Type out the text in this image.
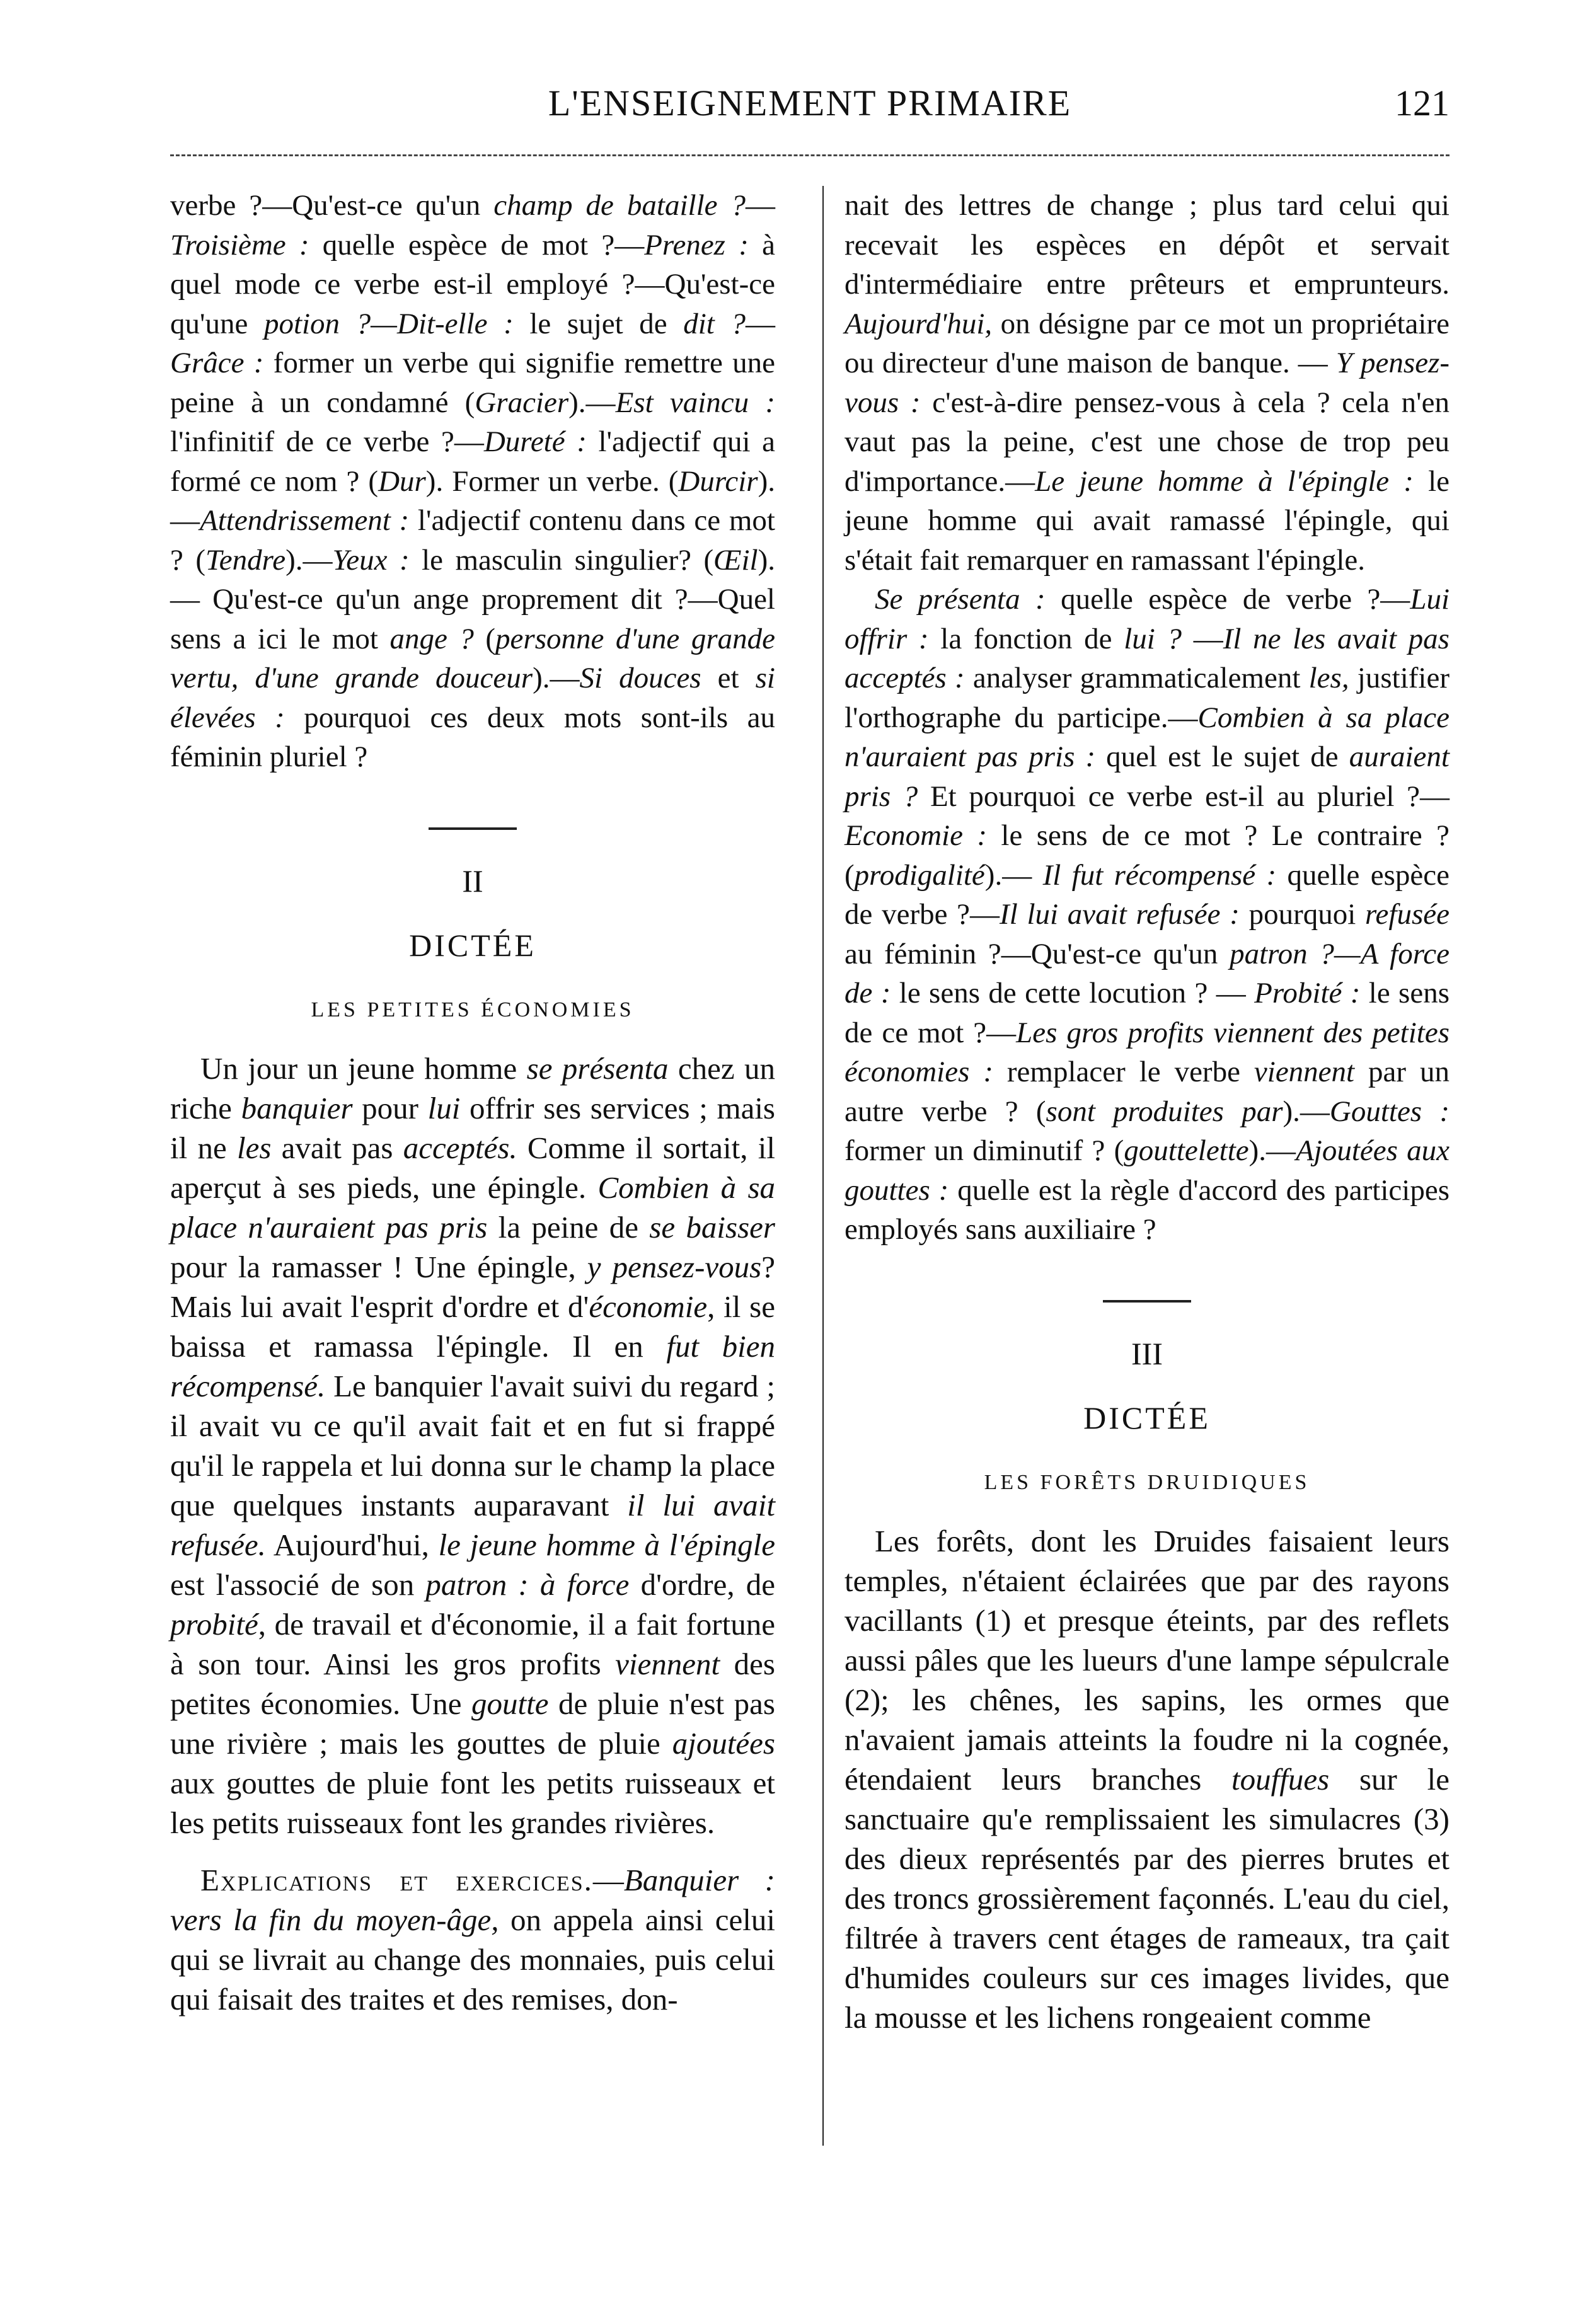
L'ENSEIGNEMENT PRIMAIRE	121

verbe ?—Qu'est-ce qu'un champ de bataille ?— Troisième : quelle espèce de mot ?—Prenez : à quel mode ce verbe est-il employé ?—Qu'est-ce qu'une potion ?—Dit-elle : le sujet de dit ?— Grâce : former un verbe qui signifie remettre une peine à un condamné (Gracier).—Est vaincu : l'infinitif de ce verbe ?—Dureté : l'adjectif qui a formé ce nom ? (Dur). Former un verbe. (Durcir).—Attendrissement : l'adjectif contenu dans ce mot ? (Tendre).—Yeux : le masculin singulier? (Œil). — Qu'est-ce qu'un ange proprement dit ?—Quel sens a ici le mot ange ? (personne d'une grande vertu, d'une grande douceur).—Si douces et si élevées : pourquoi ces deux mots sont-ils au féminin pluriel ?

II
DICTÉE
LES PETITES ÉCONOMIES

Un jour un jeune homme se présenta chez un riche banquier pour lui offrir ses services ; mais il ne les avait pas acceptés. Comme il sortait, il aperçut à ses pieds, une épingle. Combien à sa place n'auraient pas pris la peine de se baisser pour la ramasser ! Une épingle, y pensez-vous? Mais lui avait l'esprit d'ordre et d'économie, il se baissa et ramassa l'épingle. Il en fut bien récompensé. Le banquier l'avait suivi du regard ; il avait vu ce qu'il avait fait et en fut si frappé qu'il le rappela et lui donna sur le champ la place que quelques instants auparavant il lui avait refusée. Aujourd'hui, le jeune homme à l'épingle est l'associé de son patron : à force d'ordre, de probité, de travail et d'économie, il a fait fortune à son tour. Ainsi les gros profits viennent des petites économies. Une goutte de pluie n'est pas une rivière ; mais les gouttes de pluie ajoutées aux gouttes de pluie font les petits ruisseaux et les petits ruisseaux font les grandes rivières.

Explications et exercices.—Banquier : vers la fin du moyen-âge, on appela ainsi celui qui se livrait au change des monnaies, puis celui qui faisait des traites et des remises, don-

nait des lettres de change ; plus tard celui qui recevait les espèces en dépôt et servait d'intermédiaire entre prêteurs et emprunteurs. Aujourd'hui, on désigne par ce mot un propriétaire ou directeur d'une maison de banque. — Y pensez-vous : c'est-à-dire pensez-vous à cela ? cela n'en vaut pas la peine, c'est une chose de trop peu d'importance.—Le jeune homme à l'épingle : le jeune homme qui avait ramassé l'épingle, qui s'était fait remarquer en ramassant l'épingle.

Se présenta : quelle espèce de verbe ?—Lui offrir : la fonction de lui ? —Il ne les avait pas acceptés : analyser grammaticalement les, justifier l'orthographe du participe.—Combien à sa place n'auraient pas pris : quel est le sujet de auraient pris ? Et pourquoi ce verbe est-il au pluriel ?—Economie : le sens de ce mot ? Le contraire ? (prodigalité).— Il fut récompensé : quelle espèce de verbe ?—Il lui avait refusée : pourquoi refusée au féminin ?—Qu'est-ce qu'un patron ?—A force de : le sens de cette locution ? — Probité : le sens de ce mot ?—Les gros profits viennent des petites économies : remplacer le verbe viennent par un autre verbe ? (sont produites par).—Gouttes : former un diminutif ? (gouttelette).—Ajoutées aux gouttes : quelle est la règle d'accord des participes employés sans auxiliaire ?

III
DICTÉE
LES FORÊTS DRUIDIQUES

Les forêts, dont les Druides faisaient leurs temples, n'étaient éclairées que par des rayons vacillants (1) et presque éteints, par des reflets aussi pâles que les lueurs d'une lampe sépulcrale (2); les chênes, les sapins, les ormes que n'avaient jamais atteints la foudre ni la cognée, étendaient leurs branches touffues sur le sanctuaire qu'e remplissaient les simulacres (3) des dieux représentés par des pierres brutes et des troncs grossièrement façonnés. L'eau du ciel, filtrée à travers cent étages de rameaux, tra çait d'humides couleurs sur ces images livides, que la mousse et les lichens rongeaient comme
